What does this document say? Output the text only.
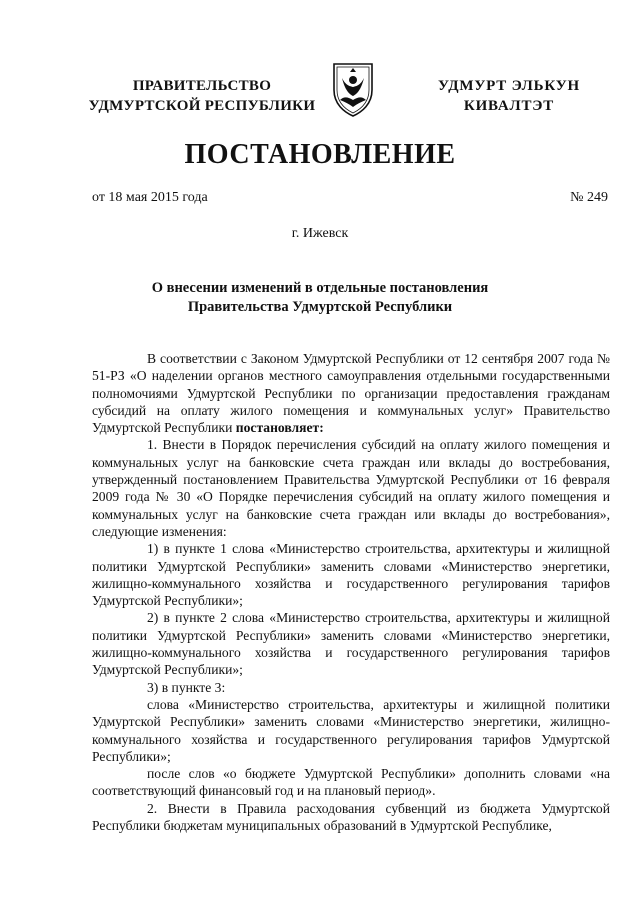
ПРАВИТЕЛЬСТВО
УДМУРТСКОЙ РЕСПУБЛИКИ
УДМУРТ ЭЛЬКУН
КИВАЛТЭТ
ПОСТАНОВЛЕНИЕ
от 18 мая 2015 года	№ 249
г. Ижевск
О внесении изменений в отдельные постановления
Правительства Удмуртской Республики

В соответствии с Законом Удмуртской Республики от 12 сентября 2007 года № 51-РЗ «О наделении органов местного самоуправления отдельными государственными полномочиями Удмуртской Республики по организации предоставления гражданам субсидий на оплату жилого помещения и коммунальных услуг» Правительство Удмуртской Республики постановляет:

1. Внести в Порядок перечисления субсидий на оплату жилого помещения и коммунальных услуг на банковские счета граждан или вклады до востребования, утвержденный постановлением Правительства Удмуртской Республики от 16 февраля 2009 года № 30 «О Порядке перечисления субсидий на оплату жилого помещения и коммунальных услуг на банковские счета граждан или вклады до востребования», следующие изменения:

1) в пункте 1 слова «Министерство строительства, архитектуры и жилищной политики Удмуртской Республики» заменить словами «Министерство энергетики, жилищно-коммунального хозяйства и государственного регулирования тарифов Удмуртской Республики»;

2) в пункте 2 слова «Министерство строительства, архитектуры и жилищной политики Удмуртской Республики» заменить словами «Министерство энергетики, жилищно-коммунального хозяйства и государственного регулирования тарифов Удмуртской Республики»;

3) в пункте 3:

слова «Министерство строительства, архитектуры и жилищной политики Удмуртской Республики» заменить словами «Министерство энергетики, жилищно-коммунального хозяйства и государственного регулирования тарифов Удмуртской Республики»;

после слов «о бюджете Удмуртской Республики» дополнить словами «на соответствующий финансовый год и на плановый период».

2. Внести в Правила расходования субвенций из бюджета Удмуртской Республики бюджетам муниципальных образований в Удмуртской Республике,
